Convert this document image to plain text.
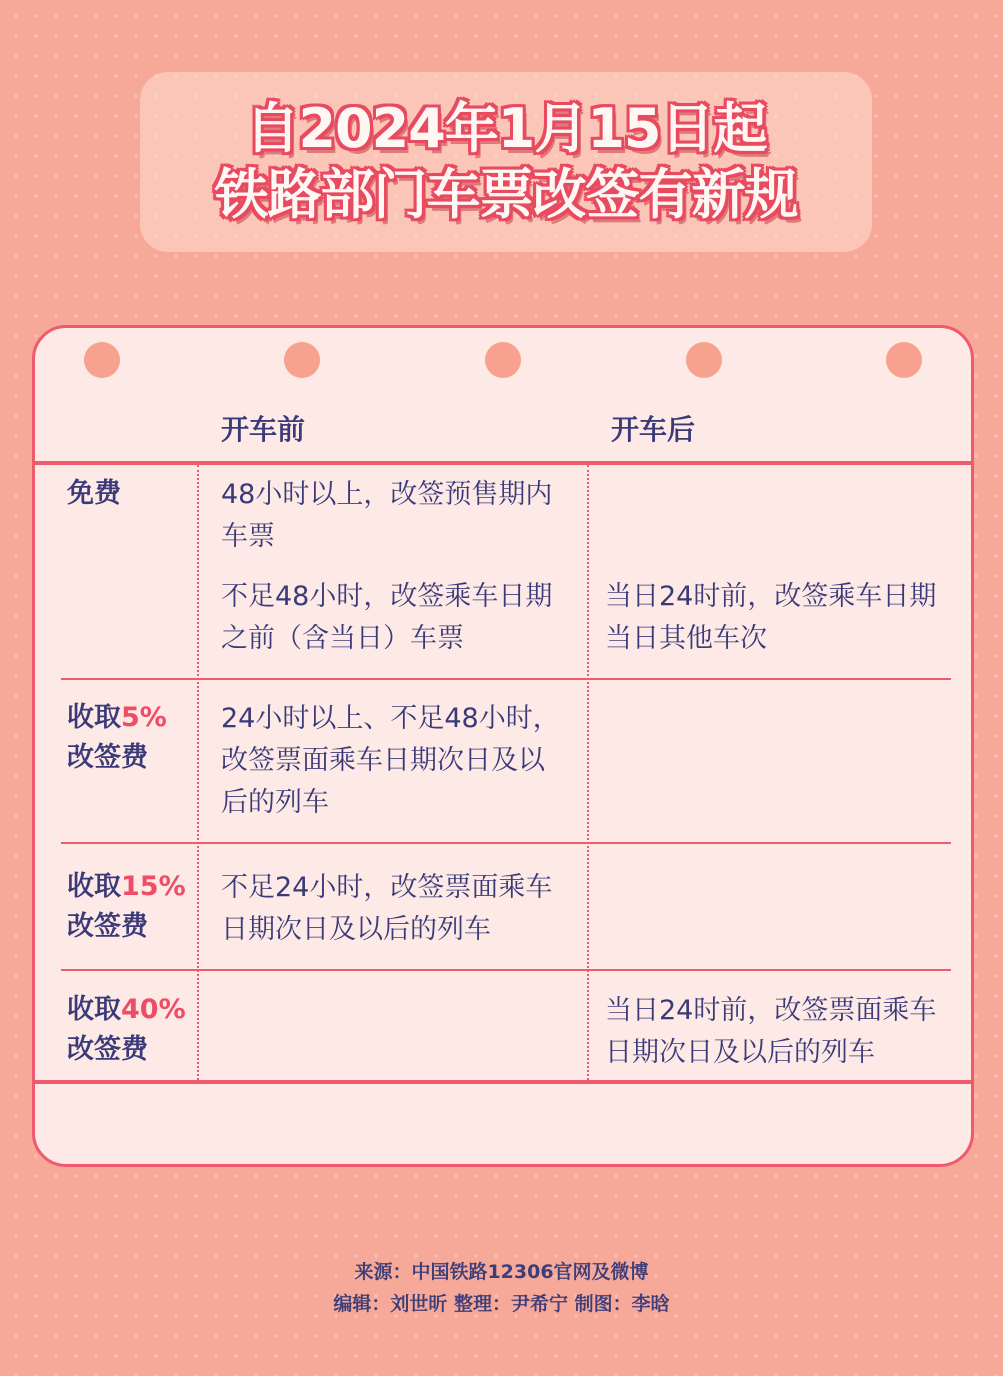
自2024年1月15日起
铁路部门车票改签有新规
开车前	开车后
免费	48小时以上，改签预售期内车票
不足48小时，改签乘车日期之前（含当日）车票
当日24时前，改签乘车日期当日其他车次
收取5%
改签费
24小时以上、不足48小时，改签票面乘车日期次日及以后的列车
收取15%
改签费
不足24小时，改签票面乘车日期次日及以后的列车
收取40%
改签费
当日24时前，改签票面乘车日期次日及以后的列车
来源：中国铁路12306官网及微博
编辑：刘世昕 整理：尹希宁 制图：李晗
